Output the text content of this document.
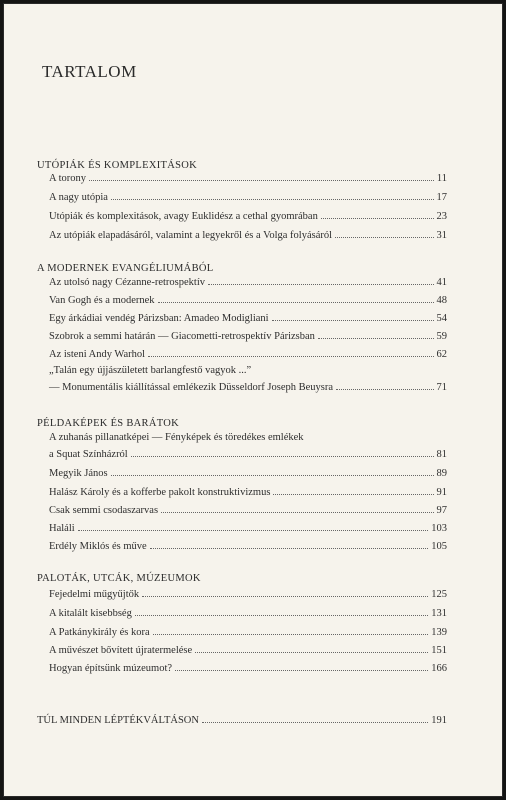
TARTALOM
UTÓPIÁK ÉS KOMPLEXITÁSOK
A torony	11
A nagy utópia	17
Utópiák és komplexitások, avagy Euklidész a cethal gyomrában	23
Az utópiák elapadásáról, valamint a legyekről és a Volga folyásáról	31
A MODERNEK EVANGÉLIUMÁBÓL
Az utolsó nagy Cézanne-retrospektív	41
Van Gogh és a modernek	48
Egy árkádiai vendég Párizsban: Amadeo Modigliani	54
Szobrok a semmi határán — Giacometti-retrospektív Párizsban	59
Az isteni Andy Warhol	62
„Talán egy újjászületett barlangfestő vagyok ...”
— Monumentális kiállítással emlékezik Düsseldorf Joseph Beuysra	71
PÉLDAKÉPEK ÉS BARÁTOK
A zuhanás pillanatképei — Fényképek és töredékes emlékek
a Squat Színházról	81
Megyik János	89
Halász Károly és a kofferbe pakolt konstruktivizmus	91
Csak semmi csodaszarvas	97
Haláli	103
Erdély Miklós és műve	105
PALOTÁK, UTCÁK, MÚZEUMOK
Fejedelmi műgyűjtők	125
A kitalált kisebbség	131
A Patkánykirály és kora	139
A művészet bővített újratermelése	151
Hogyan építsünk múzeumot?	166
TÚL MINDEN LÉPTÉKVÁLTÁSON	191
